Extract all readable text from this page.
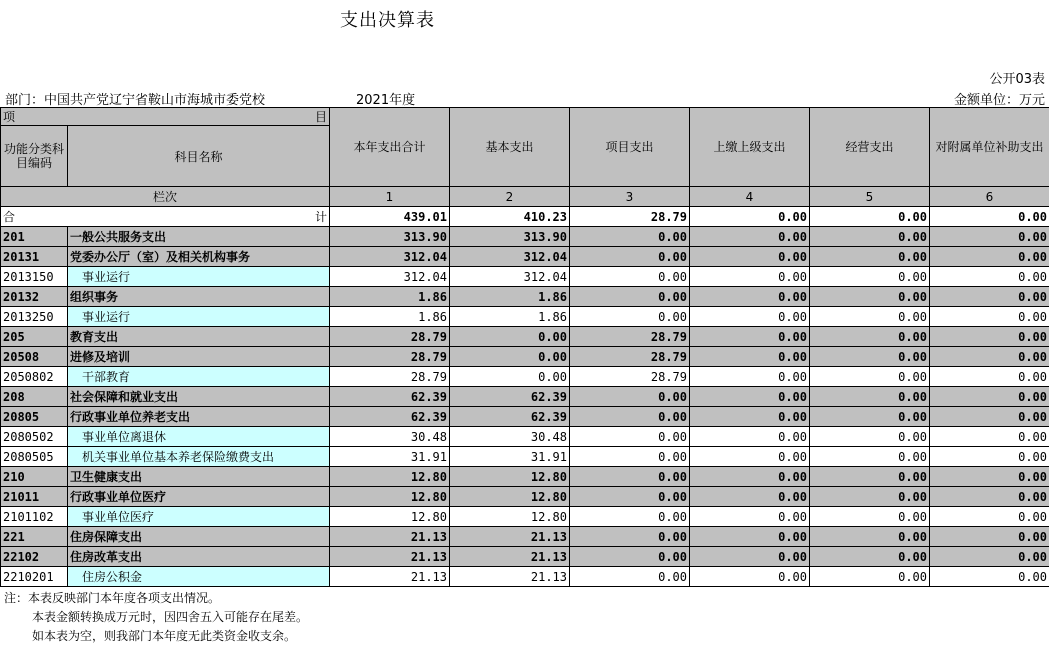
支出决算表
公开03表
部门：中国共产党辽宁省鞍山市海城市委党校	2021年度	金额单位：万元
项 目		本年支出合计	基本支出	项目支出	上缴上级支出	经营支出	对附属单位补助支出
功能分类科目编码	科目名称						
栏次		1	2	3	4	5	6

合 计		439.01	410.23	28.79	0.00	0.00	0.00
201	一般公共服务支出	313.90	313.90	0.00	0.00	0.00	0.00
20131	党委办公厅（室）及相关机构事务	312.04	312.04	0.00	0.00	0.00	0.00
2013150	事业运行	312.04	312.04	0.00	0.00	0.00	0.00
20132	组织事务	1.86	1.86	0.00	0.00	0.00	0.00
2013250	事业运行	1.86	1.86	0.00	0.00	0.00	0.00
205	教育支出	28.79	0.00	28.79	0.00	0.00	0.00
20508	进修及培训	28.79	0.00	28.79	0.00	0.00	0.00
2050802	干部教育	28.79	0.00	28.79	0.00	0.00	0.00
208	社会保障和就业支出	62.39	62.39	0.00	0.00	0.00	0.00
20805	行政事业单位养老支出	62.39	62.39	0.00	0.00	0.00	0.00
2080502	事业单位离退休	30.48	30.48	0.00	0.00	0.00	0.00
2080505	机关事业单位基本养老保险缴费支出	31.91	31.91	0.00	0.00	0.00	0.00
210	卫生健康支出	12.80	12.80	0.00	0.00	0.00	0.00
21011	行政事业单位医疗	12.80	12.80	0.00	0.00	0.00	0.00
2101102	事业单位医疗	12.80	12.80	0.00	0.00	0.00	0.00
221	住房保障支出	21.13	21.13	0.00	0.00	0.00	0.00
22102	住房改革支出	21.13	21.13	0.00	0.00	0.00	0.00
2210201	住房公积金	21.13	21.13	0.00	0.00	0.00	0.00
注：本表反映部门本年度各项支出情况。
本表金额转换成万元时，因四舍五入可能存在尾差。
如本表为空，则我部门本年度无此类资金收支余。
